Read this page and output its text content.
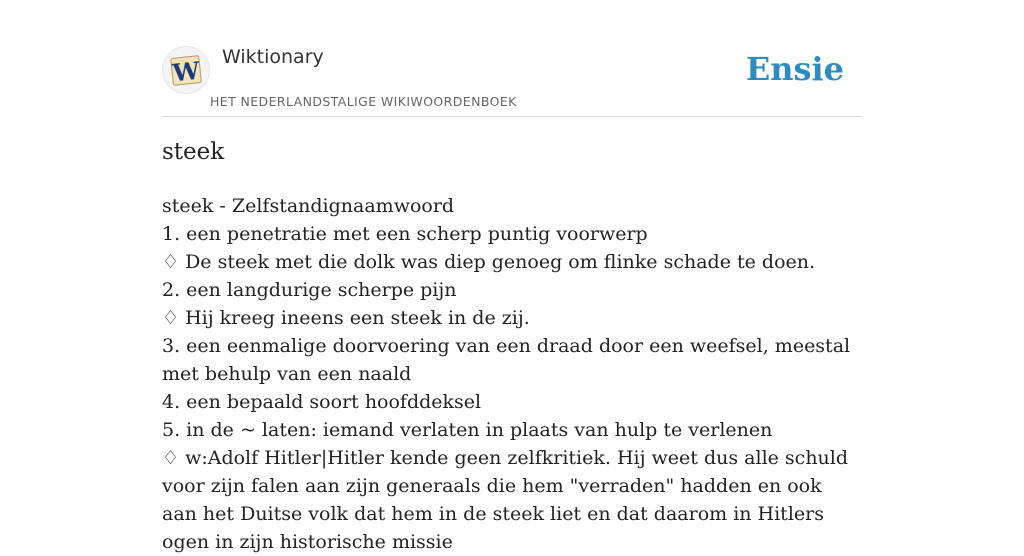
W Wiktionary
HET NEDERLANDSTALIGE WIKIWOORDENBOEK
Ensie
steek
steek - Zelfstandignaamwoord
1. een penetratie met een scherp puntig voorwerp
♢ De steek met die dolk was diep genoeg om flinke schade te doen.
2. een langdurige scherpe pijn
♢ Hij kreeg ineens een steek in de zij.
3. een eenmalige doorvoering van een draad door een weefsel, meestal met behulp van een naald
4. een bepaald soort hoofddeksel
5. in de ~ laten: iemand verlaten in plaats van hulp te verlenen
♢ w:Adolf Hitler|Hitler kende geen zelfkritiek. Hij weet dus alle schuld voor zijn falen aan zijn generaals die hem "verraden" hadden en ook aan het Duitse volk dat hem in de steek liet en dat daarom in Hitlers ogen in zijn historische missie
